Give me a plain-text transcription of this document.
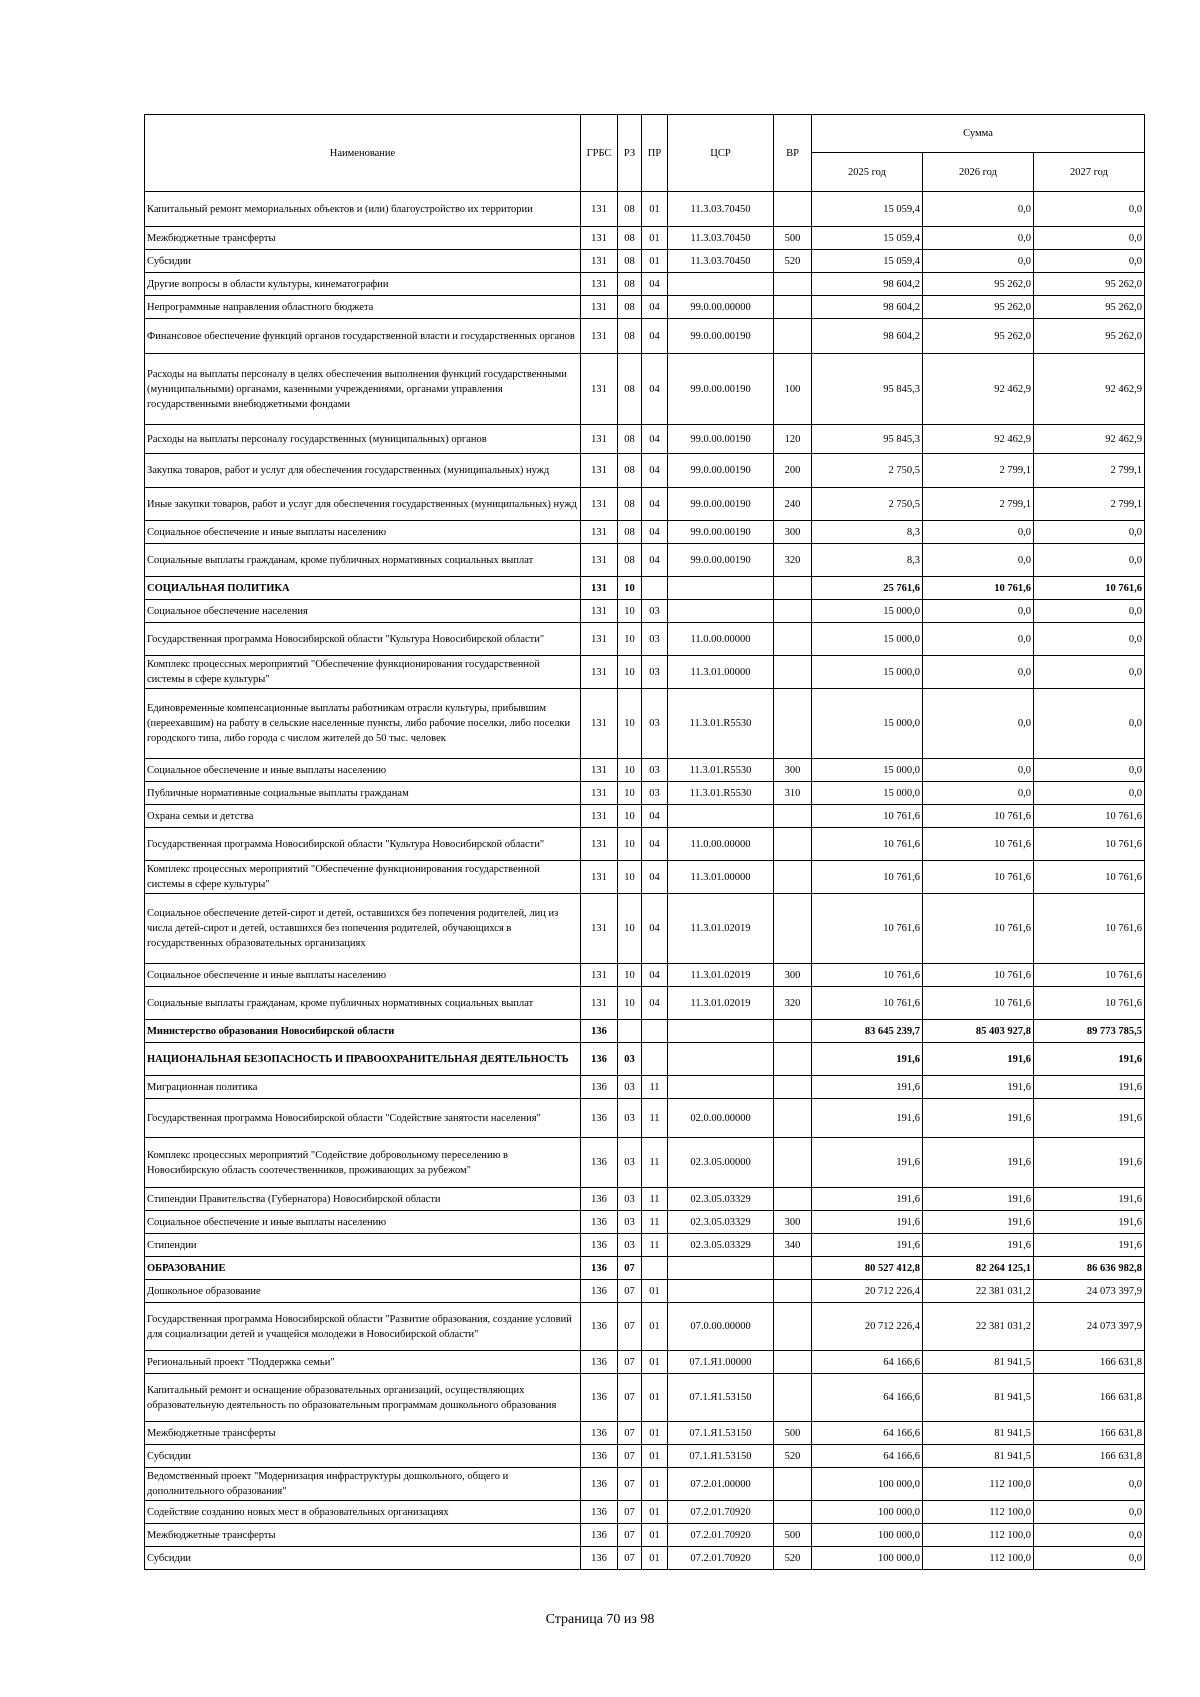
Наименование	ГРБС	РЗ	ПР	ЦСР	ВР	Сумма		
						2025 год	2026 год	2027 год
Капитальный ремонт мемориальных объектов и (или) благоустройство их территории	131	08	01	11.3.03.70450		15 059,4	0,0	0,0
Межбюджетные трансферты	131	08	01	11.3.03.70450	500	15 059,4	0,0	0,0
Субсидии	131	08	01	11.3.03.70450	520	15 059,4	0,0	0,0
Другие вопросы в области культуры, кинематографии	131	08	04			98 604,2	95 262,0	95 262,0
Непрограммные направления областного бюджета	131	08	04	99.0.00.00000		98 604,2	95 262,0	95 262,0
Финансовое обеспечение функций органов государственной власти и государственных органов	131	08	04	99.0.00.00190		98 604,2	95 262,0	95 262,0
Расходы на выплаты персоналу в целях обеспечения выполнения функций государственными (муниципальными) органами, казенными учреждениями, органами управления государственными внебюджетными фондами	131	08	04	99.0.00.00190	100	95 845,3	92 462,9	92 462,9
Расходы на выплаты персоналу государственных (муниципальных) органов	131	08	04	99.0.00.00190	120	95 845,3	92 462,9	92 462,9
Закупка товаров, работ и услуг для обеспечения государственных (муниципальных) нужд	131	08	04	99.0.00.00190	200	2 750,5	2 799,1	2 799,1
Иные закупки товаров, работ и услуг для обеспечения государственных (муниципальных) нужд	131	08	04	99.0.00.00190	240	2 750,5	2 799,1	2 799,1
Социальное обеспечение и иные выплаты населению	131	08	04	99.0.00.00190	300	8,3	0,0	0,0
Социальные выплаты гражданам, кроме публичных нормативных социальных выплат	131	08	04	99.0.00.00190	320	8,3	0,0	0,0
СОЦИАЛЬНАЯ ПОЛИТИКА	131	10				25 761,6	10 761,6	10 761,6
Социальное обеспечение населения	131	10	03			15 000,0	0,0	0,0
Государственная программа Новосибирской области "Культура Новосибирской области"	131	10	03	11.0.00.00000		15 000,0	0,0	0,0
Комплекс процессных мероприятий "Обеспечение функционирования государственной системы в сфере культуры"	131	10	03	11.3.01.00000		15 000,0	0,0	0,0
Единовременные компенсационные выплаты работникам отрасли культуры, прибывшим (переехавшим) на работу в сельские населенные пункты, либо рабочие поселки, либо поселки городского типа, либо города с числом жителей до 50 тыс. человек	131	10	03	11.3.01.R5530		15 000,0	0,0	0,0
Социальное обеспечение и иные выплаты населению	131	10	03	11.3.01.R5530	300	15 000,0	0,0	0,0
Публичные нормативные социальные выплаты гражданам	131	10	03	11.3.01.R5530	310	15 000,0	0,0	0,0
Охрана семьи и детства	131	10	04			10 761,6	10 761,6	10 761,6
Государственная программа Новосибирской области "Культура Новосибирской области"	131	10	04	11.0.00.00000		10 761,6	10 761,6	10 761,6
Комплекс процессных мероприятий "Обеспечение функционирования государственной системы в сфере культуры"	131	10	04	11.3.01.00000		10 761,6	10 761,6	10 761,6
Социальное обеспечение детей-сирот и детей, оставшихся без попечения родителей, лиц из числа детей-сирот и детей, оставшихся без попечения родителей, обучающихся в государственных образовательных организациях	131	10	04	11.3.01.02019		10 761,6	10 761,6	10 761,6
Социальное обеспечение и иные выплаты населению	131	10	04	11.3.01.02019	300	10 761,6	10 761,6	10 761,6
Социальные выплаты гражданам, кроме публичных нормативных социальных выплат	131	10	04	11.3.01.02019	320	10 761,6	10 761,6	10 761,6
Министерство образования Новосибирской области	136					83 645 239,7	85 403 927,8	89 773 785,5
НАЦИОНАЛЬНАЯ БЕЗОПАСНОСТЬ И ПРАВООХРАНИТЕЛЬНАЯ ДЕЯТЕЛЬНОСТЬ	136	03				191,6	191,6	191,6
Миграционная политика	136	03	11			191,6	191,6	191,6
Государственная программа Новосибирской области "Содействие занятости населения"	136	03	11	02.0.00.00000		191,6	191,6	191,6
Комплекс процессных мероприятий "Содействие добровольному переселению в Новосибирскую область соотечественников, проживающих за рубежом"	136	03	11	02.3.05.00000		191,6	191,6	191,6
Стипендии Правительства (Губернатора) Новосибирской области	136	03	11	02.3.05.03329		191,6	191,6	191,6
Социальное обеспечение и иные выплаты населению	136	03	11	02.3.05.03329	300	191,6	191,6	191,6
Стипендии	136	03	11	02.3.05.03329	340	191,6	191,6	191,6
ОБРАЗОВАНИЕ	136	07				80 527 412,8	82 264 125,1	86 636 982,8
Дошкольное образование	136	07	01			20 712 226,4	22 381 031,2	24 073 397,9
Государственная программа Новосибирской области "Развитие образования, создание условий для социализации детей и учащейся молодежи в Новосибирской области"	136	07	01	07.0.00.00000		20 712 226,4	22 381 031,2	24 073 397,9
Региональный проект "Поддержка семьи"	136	07	01	07.1.Я1.00000		64 166,6	81 941,5	166 631,8
Капитальный ремонт и оснащение образовательных организаций, осуществляющих образовательную деятельность по образовательным программам дошкольного образования	136	07	01	07.1.Я1.53150		64 166,6	81 941,5	166 631,8
Межбюджетные трансферты	136	07	01	07.1.Я1.53150	500	64 166,6	81 941,5	166 631,8
Субсидии	136	07	01	07.1.Я1.53150	520	64 166,6	81 941,5	166 631,8
Ведомственный проект "Модернизация инфраструктуры дошкольного, общего и дополнительного образования"	136	07	01	07.2.01.00000		100 000,0	112 100,0	0,0
Содействие созданию новых мест в образовательных организациях	136	07	01	07.2.01.70920		100 000,0	112 100,0	0,0
Межбюджетные трансферты	136	07	01	07.2.01.70920	500	100 000,0	112 100,0	0,0
Субсидии	136	07	01	07.2.01.70920	520	100 000,0	112 100,0	0,0
Страница 70 из 98
